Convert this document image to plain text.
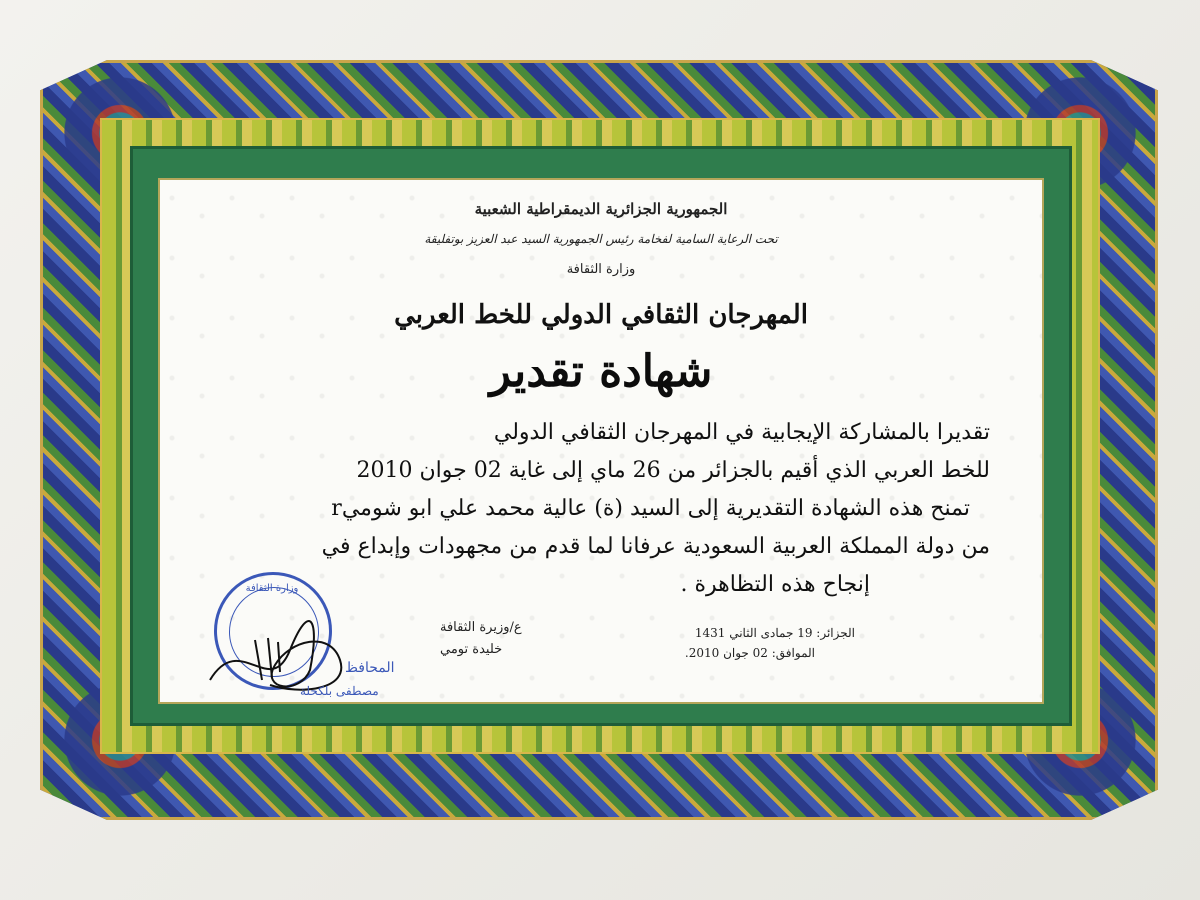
الجمهورية الجزائرية الديمقراطية الشعبية
تحت الرعاية السامية لفخامة رئيس الجمهورية السيد عبد العزيز بوتفليقة
وزارة الثقافة
المهرجان الثقافي الدولي للخط العربي
شهادة تقدير
تقديرا بالمشاركة الإيجابية في المهرجان الثقافي الدولي
للخط العربي الذي أقيم بالجزائر من 26 ماي إلى غاية 02 جوان 2010
تمنح هذه الشهادة التقديرية إلى السيد (ة) عالية محمد علي ابو شوميr
من دولة المملكة العربية السعودية عرفانا لما قدم من مجهودات وإبداع في
إنجاح هذه التظاهرة .
الجزائر: 19 جمادى الثاني 1431
الموافق: 02 جوان 2010.
ع/وزيرة الثقافة
خليدة تومي
وزارة الثقافة
المحافظ
مصطفى بلكحلة
